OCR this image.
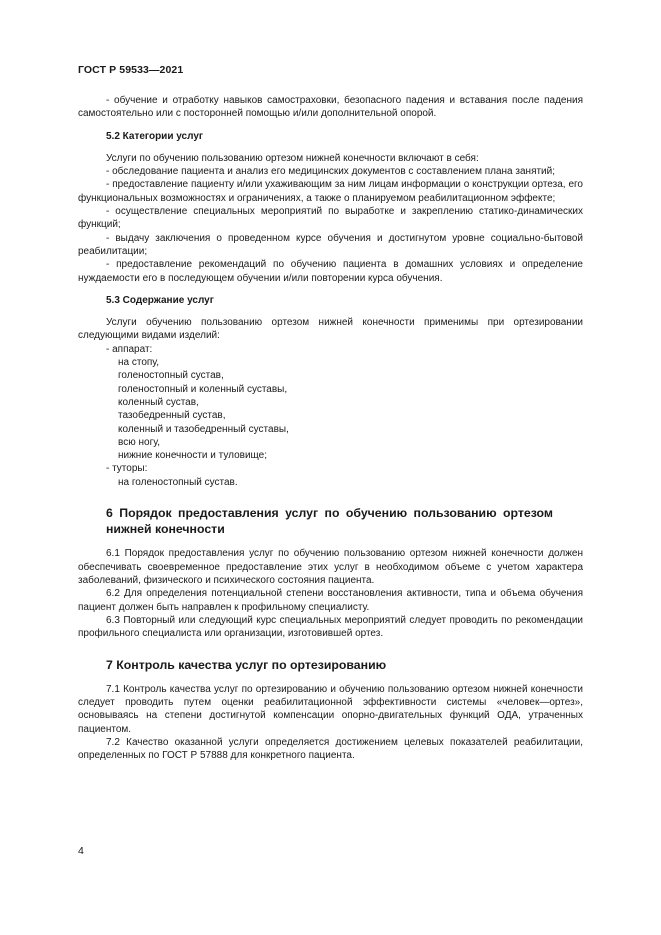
ГОСТ Р 59533—2021

- обучение и отработку навыков самостраховки, безопасного падения и вставания после падения самостоятельно или с посторонней помощью и/или дополнительной опорой.

5.2 Категории услуг

Услуги по обучению пользованию ортезом нижней конечности включают в себя:

- обследование пациента и анализ его медицинских документов с составлением плана занятий;

- предоставление пациенту и/или ухаживающим за ним лицам информации о конструкции ортеза, его функциональных возможностях и ограничениях, а также о планируемом реабилитационном эффекте;

- осуществление специальных мероприятий по выработке и закреплению статико-динамических функций;

- выдачу заключения о проведенном курсе обучения и достигнутом уровне социально-бытовой реабилитации;

- предоставление рекомендаций по обучению пациента в домашних условиях и определение нуждаемости его в последующем обучении и/или повторении курса обучения.

5.3 Содержание услуг

Услуги обучению пользованию ортезом нижней конечности применимы при ортезировании следующими видами изделий:

- аппарат:

на стопу,

голеностопный сустав,

голеностопный и коленный суставы,

коленный сустав,

тазобедренный сустав,

коленный и тазобедренный суставы,

всю ногу,

нижние конечности и туловище;

- туторы:

на голеностопный сустав.

6 Порядок предоставления услуг по обучению пользованию ортезом нижней конечности

6.1 Порядок предоставления услуг по обучению пользованию ортезом нижней конечности должен обеспечивать своевременное предоставление этих услуг в необходимом объеме с учетом характера заболеваний, физического и психического состояния пациента.

6.2 Для определения потенциальной степени восстановления активности, типа и объема обучения пациент должен быть направлен к профильному специалисту.

6.3 Повторный или следующий курс специальных мероприятий следует проводить по рекомендации профильного специалиста или организации, изготовившей ортез.

7 Контроль качества услуг по ортезированию

7.1 Контроль качества услуг по ортезированию и обучению пользованию ортезом нижней конечности следует проводить путем оценки реабилитационной эффективности системы «человек—ортез», основываясь на степени достигнутой компенсации опорно-двигательных функций ОДА, утраченных пациентом.

7.2 Качество оказанной услуги определяется достижением целевых показателей реабилитации, определенных по ГОСТ Р 57888 для конкретного пациента.

4
